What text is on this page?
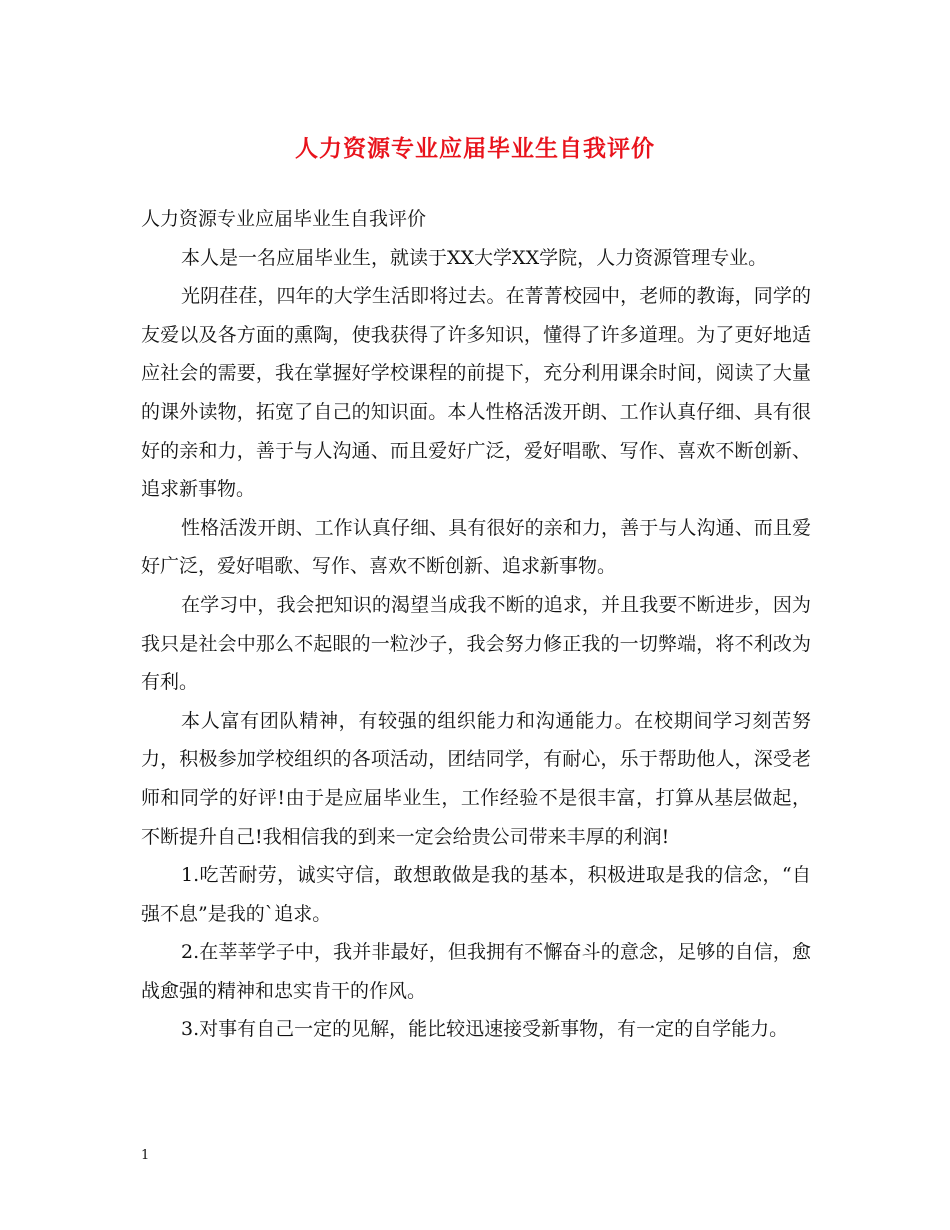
人力资源专业应届毕业生自我评价

人力资源专业应届毕业生自我评价

本人是一名应届毕业生，就读于XX大学XX学院，人力资源管理专业。

光阴荏荏，四年的大学生活即将过去。在菁菁校园中，老师的教诲，同学的友爱以及各方面的熏陶，使我获得了许多知识，懂得了许多道理。为了更好地适应社会的需要，我在掌握好学校课程的前提下，充分利用课余时间，阅读了大量的课外读物，拓宽了自己的知识面。本人性格活泼开朗、工作认真仔细、具有很好的亲和力，善于与人沟通、而且爱好广泛，爱好唱歌、写作、喜欢不断创新、追求新事物。

性格活泼开朗、工作认真仔细、具有很好的亲和力，善于与人沟通、而且爱好广泛，爱好唱歌、写作、喜欢不断创新、追求新事物。

在学习中，我会把知识的渴望当成我不断的追求，并且我要不断进步，因为我只是社会中那么不起眼的一粒沙子，我会努力修正我的一切弊端，将不利改为有利。

本人富有团队精神，有较强的组织能力和沟通能力。在校期间学习刻苦努力，积极参加学校组织的各项活动，团结同学，有耐心，乐于帮助他人，深受老师和同学的好评!由于是应届毕业生，工作经验不是很丰富，打算从基层做起，不断提升自己!我相信我的到来一定会给贵公司带来丰厚的利润!

1.吃苦耐劳，诚实守信，敢想敢做是我的基本，积极进取是我的信念，“自强不息”是我的`追求。

2.在莘莘学子中，我并非最好，但我拥有不懈奋斗的意念，足够的自信，愈战愈强的精神和忠实肯干的作风。

3.对事有自己一定的见解，能比较迅速接受新事物，有一定的自学能力。

1
